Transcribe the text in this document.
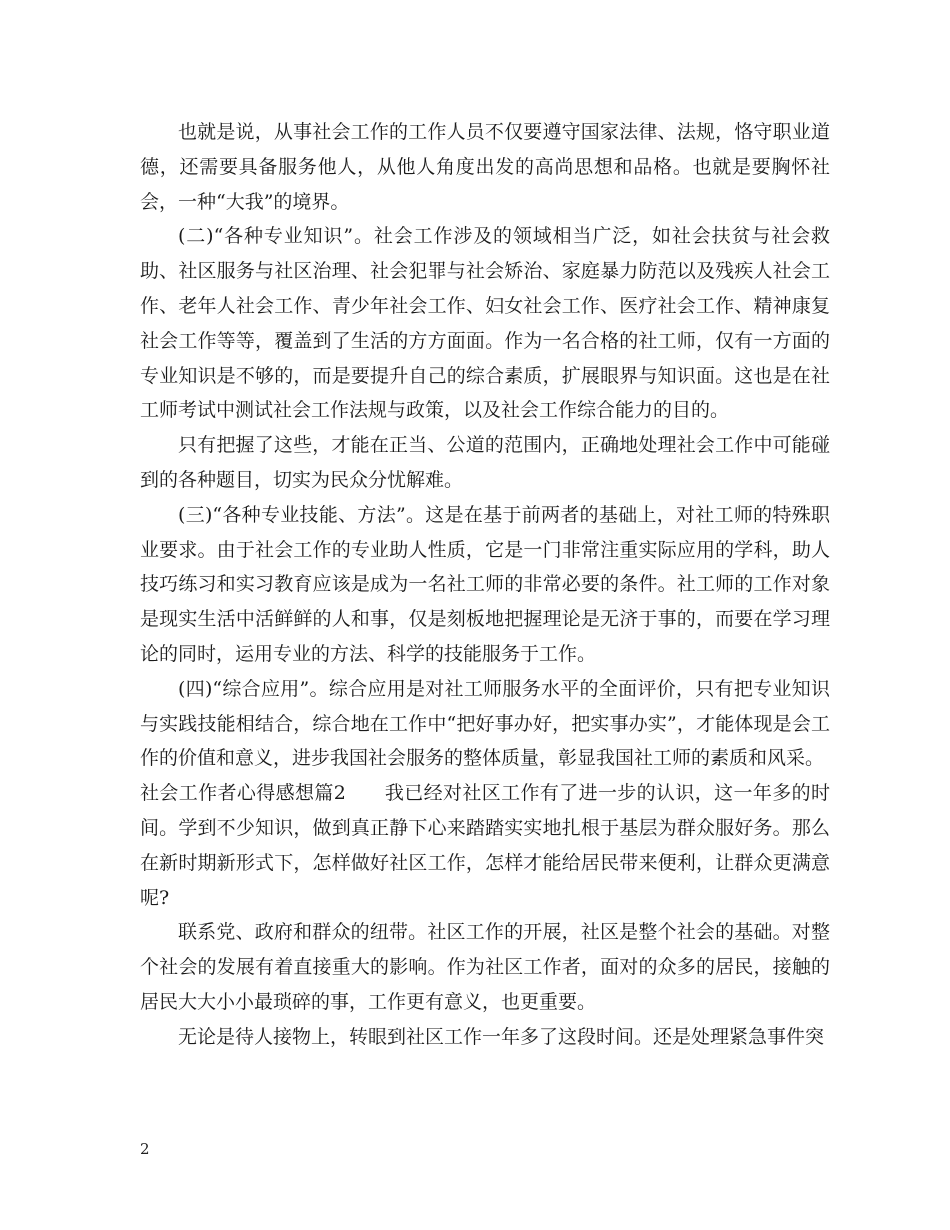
也就是说，从事社会工作的工作人员不仅要遵守国家法律、法规，恪守职业道德，还需要具备服务他人，从他人角度出发的高尚思想和品格。也就是要胸怀社会，一种“大我”的境界。

(二)“各种专业知识”。社会工作涉及的领域相当广泛，如社会扶贫与社会救助、社区服务与社区治理、社会犯罪与社会矫治、家庭暴力防范以及残疾人社会工作、老年人社会工作、青少年社会工作、妇女社会工作、医疗社会工作、精神康复社会工作等等，覆盖到了生活的方方面面。作为一名合格的社工师，仅有一方面的专业知识是不够的，而是要提升自己的综合素质，扩展眼界与知识面。这也是在社工师考试中测试社会工作法规与政策，以及社会工作综合能力的目的。

只有把握了这些，才能在正当、公道的范围内，正确地处理社会工作中可能碰到的各种题目，切实为民众分忧解难。

(三)“各种专业技能、方法”。这是在基于前两者的基础上，对社工师的特殊职业要求。由于社会工作的专业助人性质，它是一门非常注重实际应用的学科，助人技巧练习和实习教育应该是成为一名社工师的非常必要的条件。社工师的工作对象是现实生活中活鲜鲜的人和事，仅是刻板地把握理论是无济于事的，而要在学习理论的同时，运用专业的方法、科学的技能服务于工作。

(四)“综合应用”。综合应用是对社工师服务水平的全面评价，只有把专业知识与实践技能相结合，综合地在工作中“把好事办好，把实事办实”，才能体现是会工作的价值和意义，进步我国社会服务的整体质量，彰显我国社工师的素质和风采。

社会工作者心得感想篇2　　我已经对社区工作有了进一步的认识，这一年多的时间。学到不少知识，做到真正静下心来踏踏实实地扎根于基层为群众服好务。那么在新时期新形式下，怎样做好社区工作，怎样才能给居民带来便利，让群众更满意呢?

联系党、政府和群众的纽带。社区工作的开展，社区是整个社会的基础。对整个社会的发展有着直接重大的影响。作为社区工作者，面对的众多的居民，接触的居民大大小小最琐碎的事，工作更有意义，也更重要。

无论是待人接物上，转眼到社区工作一年多了这段时间。还是处理紧急事件突

2
